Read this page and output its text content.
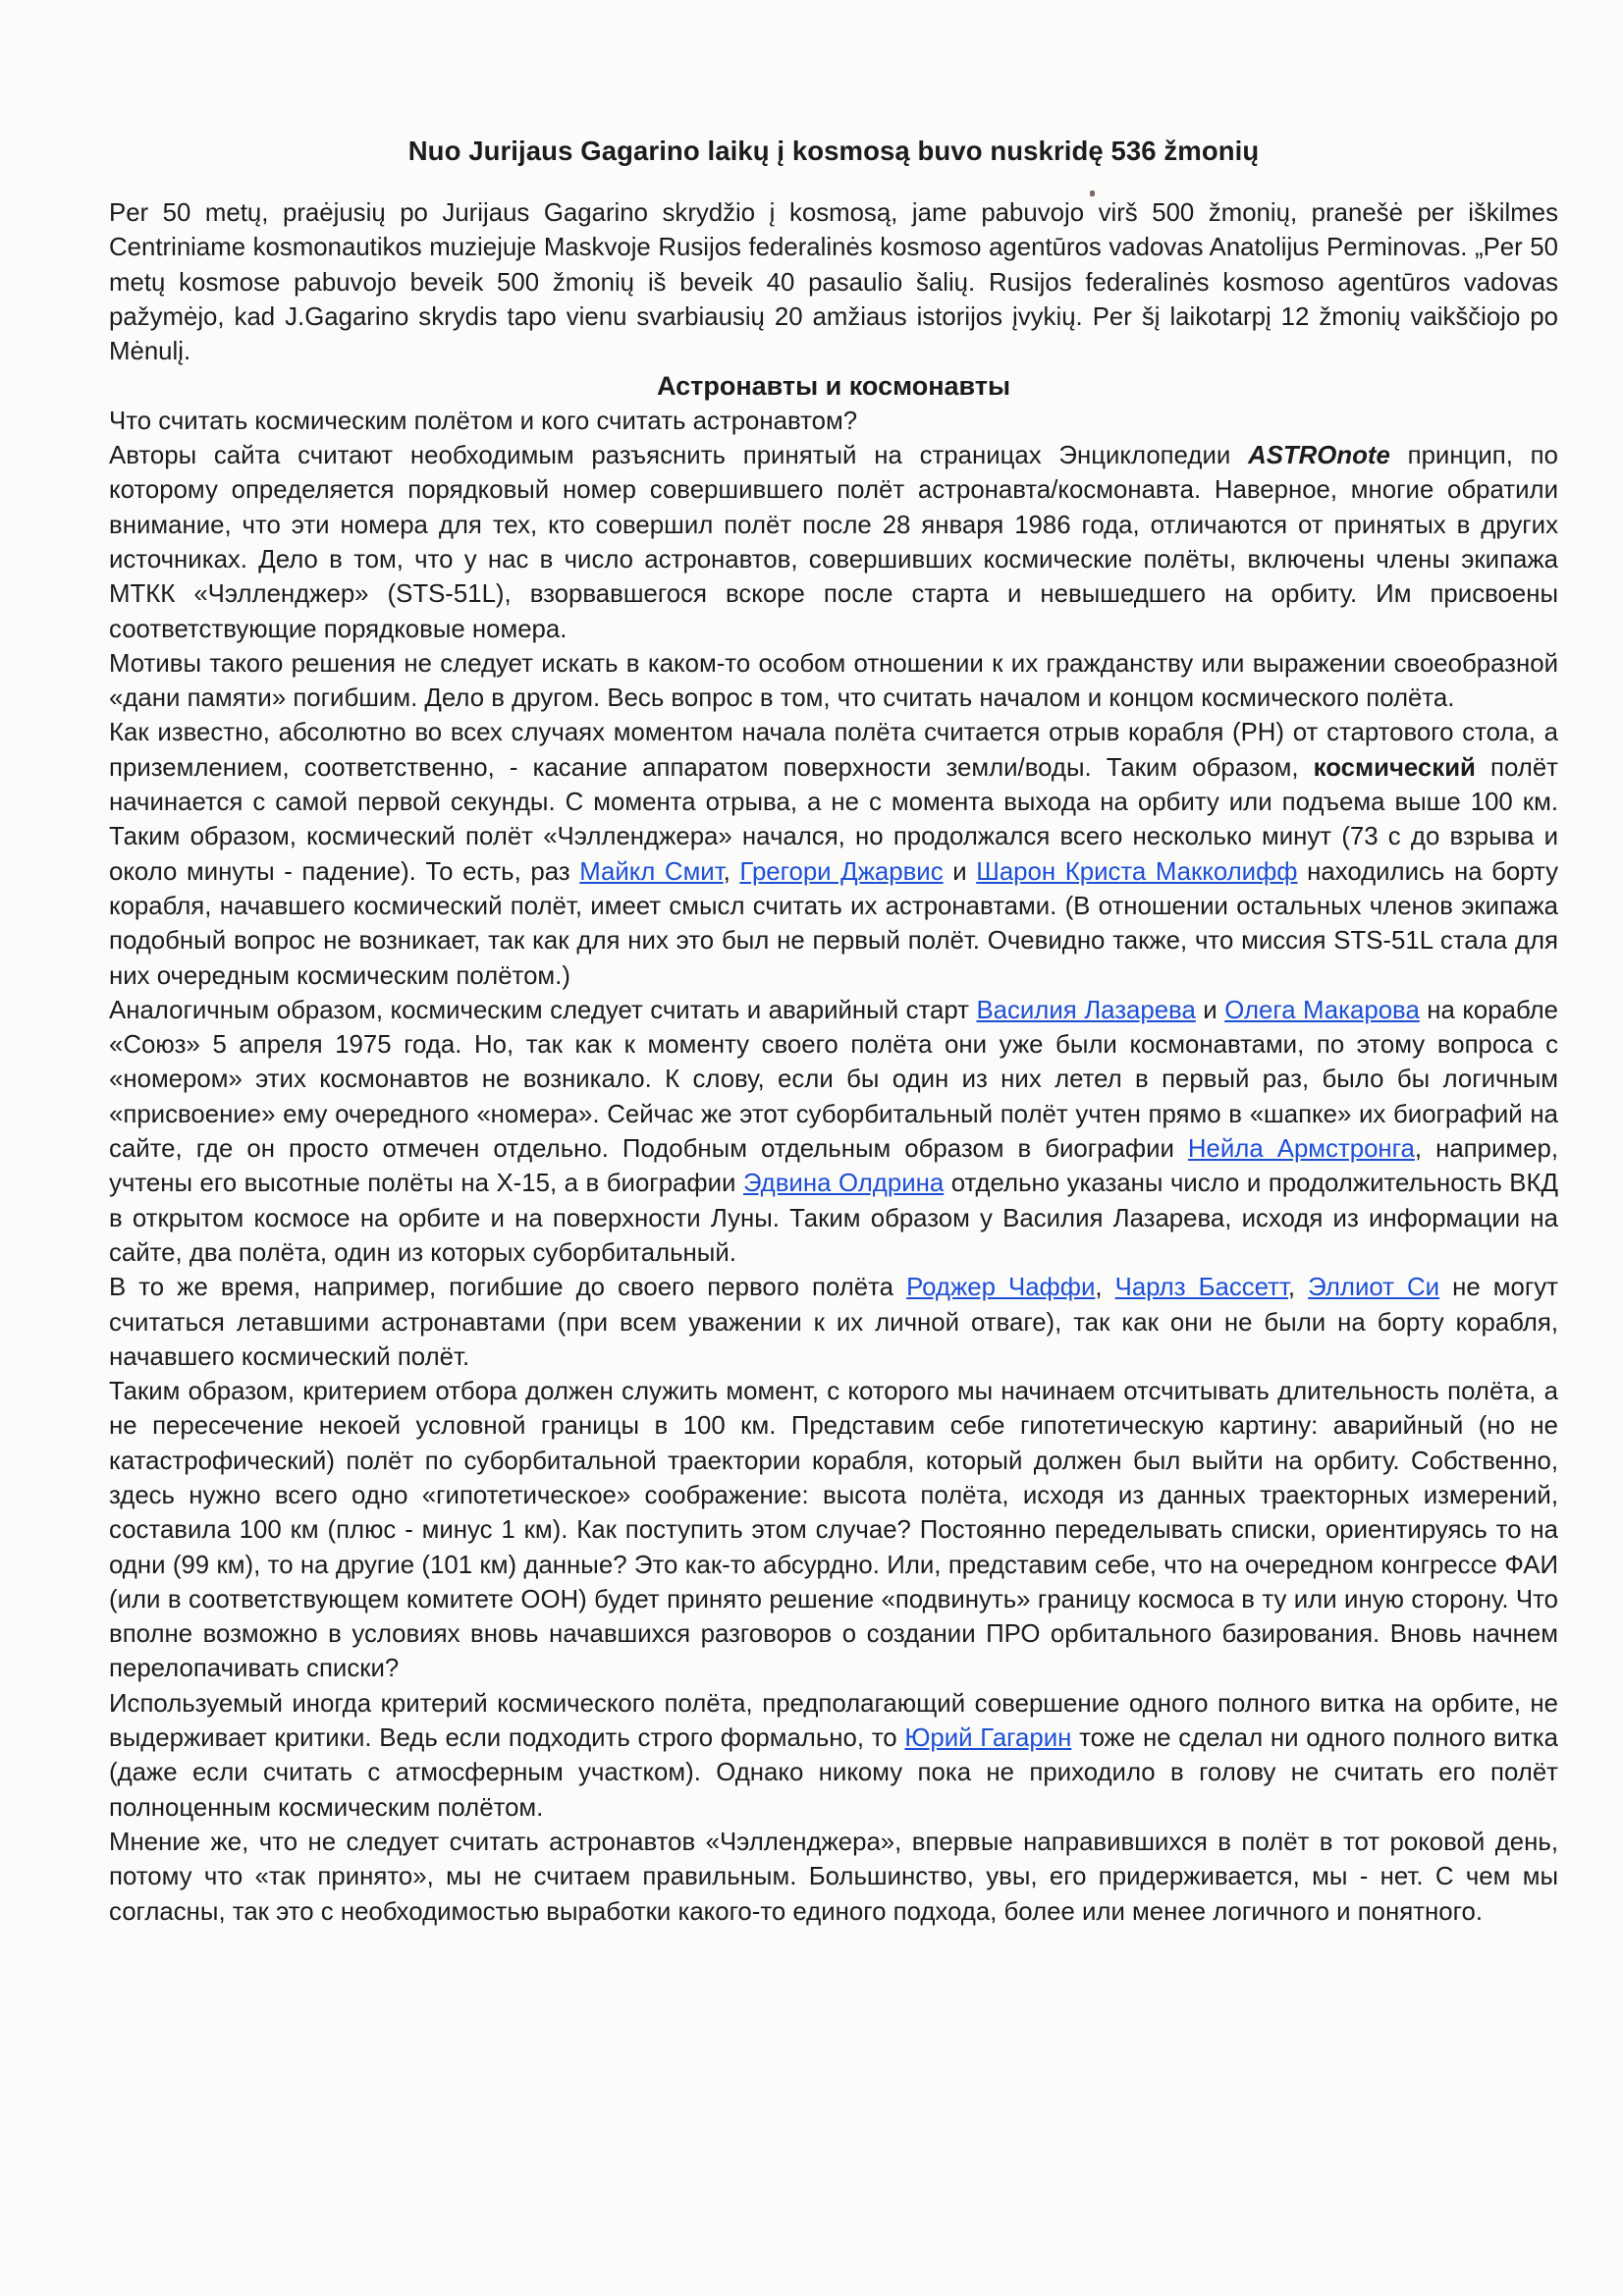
Nuo Jurijaus Gagarino laikų į kosmosą buvo nuskridę 536 žmonių

Per 50 metų, praėjusių po Jurijaus Gagarino skrydžio į kosmosą, jame pabuvojo virš 500 žmonių, pranešė per iškilmes Centriniame kosmonautikos muziejuje Maskvoje Rusijos federalinės kosmoso agentūros vadovas Anatolijus Perminovas. „Per 50 metų kosmose pabuvojo beveik 500 žmonių iš beveik 40 pasaulio šalių. Rusijos federalinės kosmoso agentūros vadovas pažymėjo, kad J.Gagarino skrydis tapo vienu svarbiausių 20 amžiaus istorijos įvykių. Per šį laikotarpį 12 žmonių vaikščiojo po Mėnulį.

Астронавты и космонавты

Что считать космическим полётом и кого считать астронавтом?

Авторы сайта считают необходимым разъяснить принятый на страницах Энциклопедии ASTROnote принцип, по которому определяется порядковый номер совершившего полёт астронавта/космонавта. Наверное, многие обратили внимание, что эти номера для тех, кто совершил полёт после 28 января 1986 года, отличаются от принятых в других источниках. Дело в том, что у нас в число астронавтов, совершивших космические полёты, включены члены экипажа МТКК «Чэлленджер» (STS-51L), взорвавшегося вскоре после старта и невышедшего на орбиту. Им присвоены соответствующие порядковые номера.

Мотивы такого решения не следует искать в каком-то особом отношении к их гражданству или выражении своеобразной «дани памяти» погибшим. Дело в другом. Весь вопрос в том, что считать началом и концом космического полёта.

Как известно, абсолютно во всех случаях моментом начала полёта считается отрыв корабля (РН) от стартового стола, а приземлением, соответственно, - касание аппаратом поверхности земли/воды. Таким образом, космический полёт начинается с самой первой секунды. С момента отрыва, а не с момента выхода на орбиту или подъема выше 100 км. Таким образом, космический полёт «Чэлленджера» начался, но продолжался всего несколько минут (73 с до взрыва и около минуты - падение). То есть, раз Майкл Смит, Грегори Джарвис и Шарон Криста Макколифф находились на борту корабля, начавшего космический полёт, имеет смысл считать их астронавтами. (В отношении остальных членов экипажа подобный вопрос не возникает, так как для них это был не первый полёт. Очевидно также, что миссия STS-51L стала для них очередным космическим полётом.)

Аналогичным образом, космическим следует считать и аварийный старт Василия Лазарева и Олега Макарова на корабле «Союз» 5 апреля 1975 года. Но, так как к моменту своего полёта они уже были космонавтами, по этому вопроса с «номером» этих космонавтов не возникало. К слову, если бы один из них летел в первый раз, было бы логичным «присвоение» ему очередного «номера». Сейчас же этот суборбитальный полёт учтен прямо в «шапке» их биографий на сайте, где он просто отмечен отдельно. Подобным отдельным образом в биографии Нейла Армстронга, например, учтены его высотные полёты на Х-15, а в биографии Эдвина Олдрина отдельно указаны число и продолжительность ВКД в открытом космосе на орбите и на поверхности Луны. Таким образом у Василия Лазарева, исходя из информации на сайте, два полёта, один из которых суборбитальный.

В то же время, например, погибшие до своего первого полёта Роджер Чаффи, Чарлз Бассетт, Эллиот Си не могут считаться летавшими астронавтами (при всем уважении к их личной отваге), так как они не были на борту корабля, начавшего космический полёт.

Таким образом, критерием отбора должен служить момент, с которого мы начинаем отсчитывать длительность полёта, а не пересечение некоей условной границы в 100 км. Представим себе гипотетическую картину: аварийный (но не катастрофический) полёт по суборбитальной траектории корабля, который должен был выйти на орбиту. Собственно, здесь нужно всего одно «гипотетическое» соображение: высота полёта, исходя из данных траекторных измерений, составила 100 км (плюс - минус 1 км). Как поступить этом случае? Постоянно переделывать списки, ориентируясь то на одни (99 км), то на другие (101 км) данные? Это как-то абсурдно. Или, представим себе, что на очередном конгрессе ФАИ (или в соответствующем комитете ООН) будет принято решение «подвинуть» границу космоса в ту или иную сторону. Что вполне возможно в условиях вновь начавшихся разговоров о создании ПРО орбитального базирования. Вновь начнем перелопачивать списки?

Используемый иногда критерий космического полёта, предполагающий совершение одного полного витка на орбите, не выдерживает критики. Ведь если подходить строго формально, то Юрий Гагарин тоже не сделал ни одного полного витка (даже если считать с атмосферным участком). Однако никому пока не приходило в голову не считать его полёт полноценным космическим полётом.

Мнение же, что не следует считать астронавтов «Чэлленджера», впервые направившихся в полёт в тот роковой день, потому что «так принято», мы не считаем правильным. Большинство, увы, его придерживается, мы - нет. С чем мы согласны, так это с необходимостью выработки какого-то единого подхода, более или менее логичного и понятного.
